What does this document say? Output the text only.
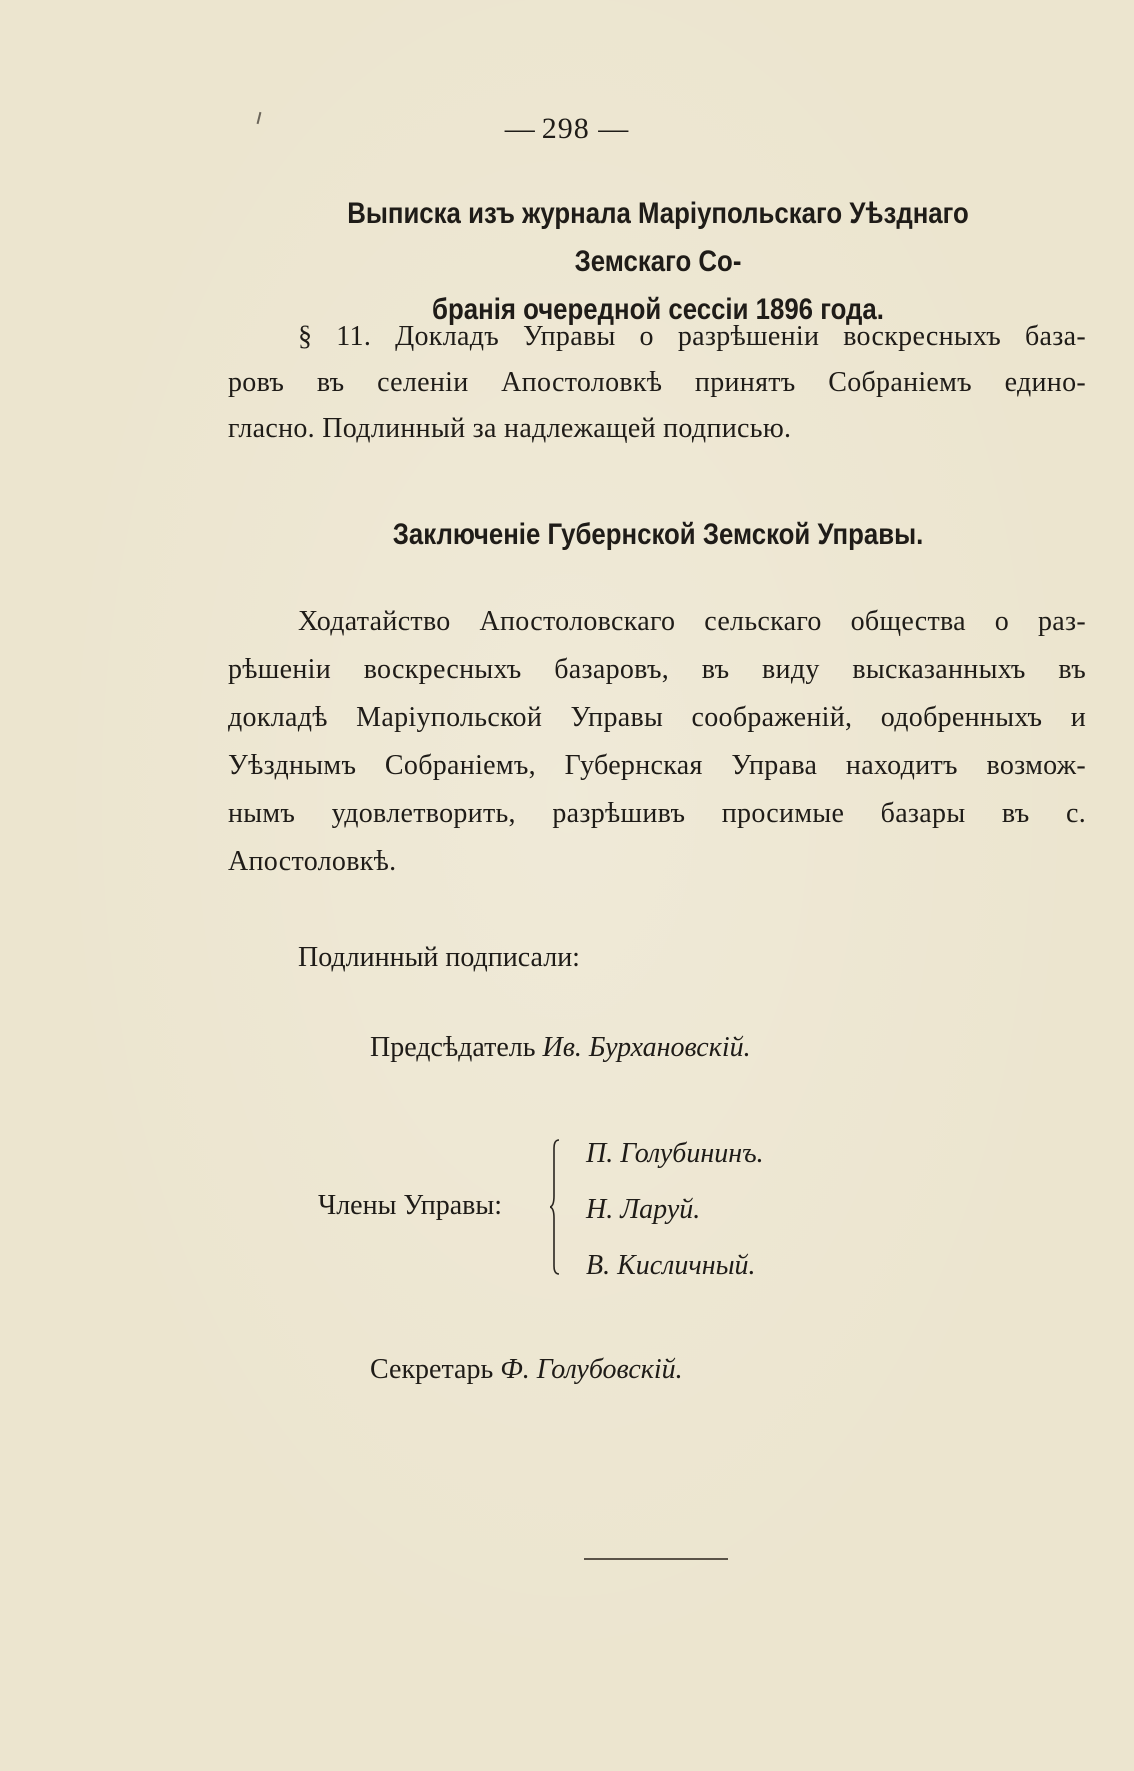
— 298 —
Выписка изъ журнала Маріупольскаго Уѣзднаго Земскаго Со-
бранія очередной сессіи 1896 года.
§ 11. Докладъ Управы о разрѣшеніи воскресныхъ база-
ровъ въ селеніи Апостоловкѣ принятъ Собраніемъ едино-
гласно. Подлинный за надлежащей подписью.
Заключеніе Губернской Земской Управы.
Ходатайство Апостоловскаго сельскаго общества о раз-
рѣшеніи воскресныхъ базаровъ, въ виду высказанныхъ въ
докладѣ Маріупольской Управы соображеній, одобренныхъ и
Уѣзднымъ Собраніемъ, Губернская Управа находитъ возмож-
нымъ удовлетворить, разрѣшивъ просимые базары въ с.
Апостоловкѣ.
Подлинный подписали:
Предсѣдатель Ив. Бурхановскій.
Члены Управы:
П. Голубининъ.
Н. Ларуй.
В. Кисличный.
Секретарь Ф. Голубовскій.
